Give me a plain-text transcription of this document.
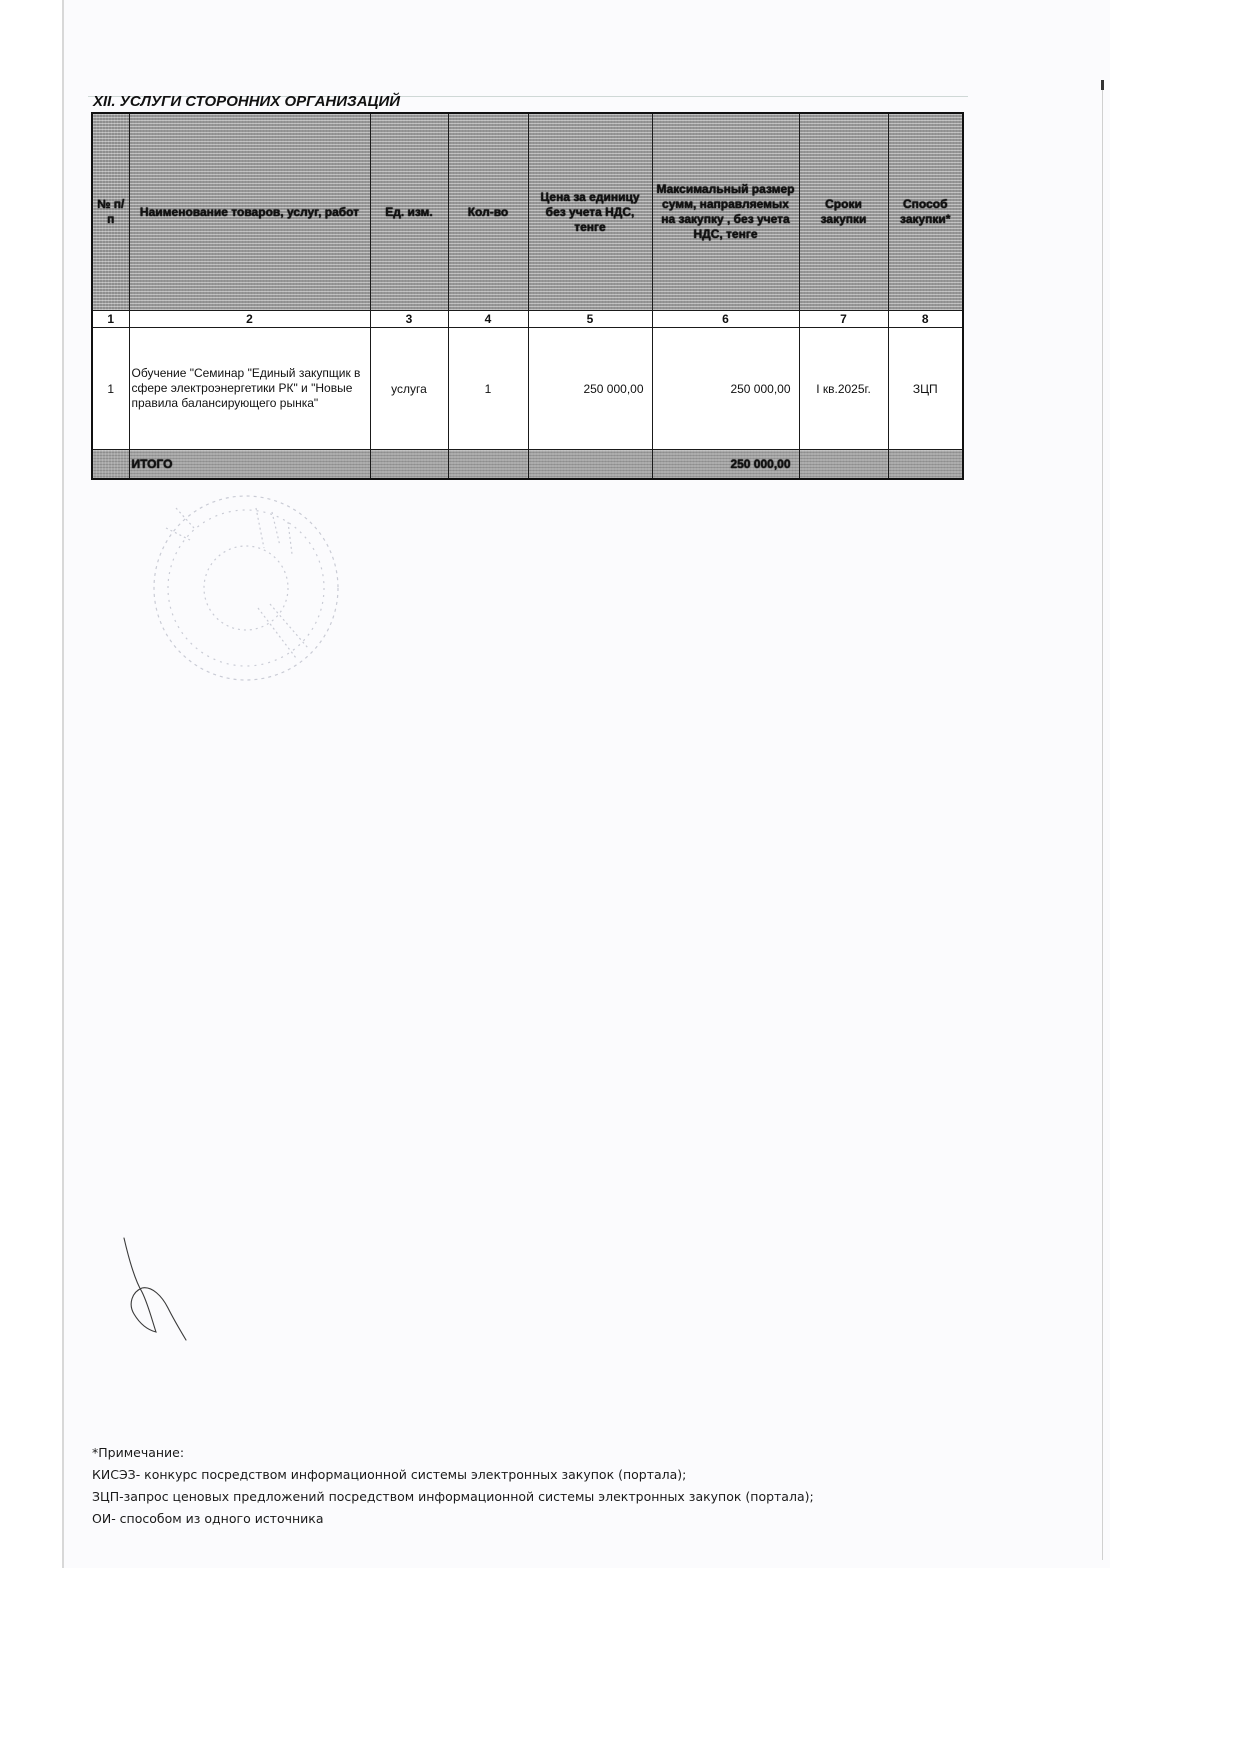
XII. УСЛУГИ СТОРОННИХ ОРГАНИЗАЦИЙ
№ п/п	Наименование товаров, услуг, работ	Ед. изм.	Кол-во	Цена за единицу без учета НДС, тенге	Максимальный размер сумм, направляемых на закупку , без учета НДС, тенге	Сроки закупки	Способ закупки*
1	2	3	4	5	6	7	8
1	Обучение "Семинар "Единый закупщик в сфере электроэнергетики РК" и "Новые правила балансирующего рынка"	услуга	1	250 000,00	250 000,00	I кв.2025г.	ЗЦП
	ИТОГО				250 000,00		
*Примечание:
КИСЭЗ- конкурс посредством информационной системы электронных закупок (портала);
ЗЦП-запрос ценовых предложений посредством информационной системы электронных закупок (портала);
ОИ- способом из одного источника
